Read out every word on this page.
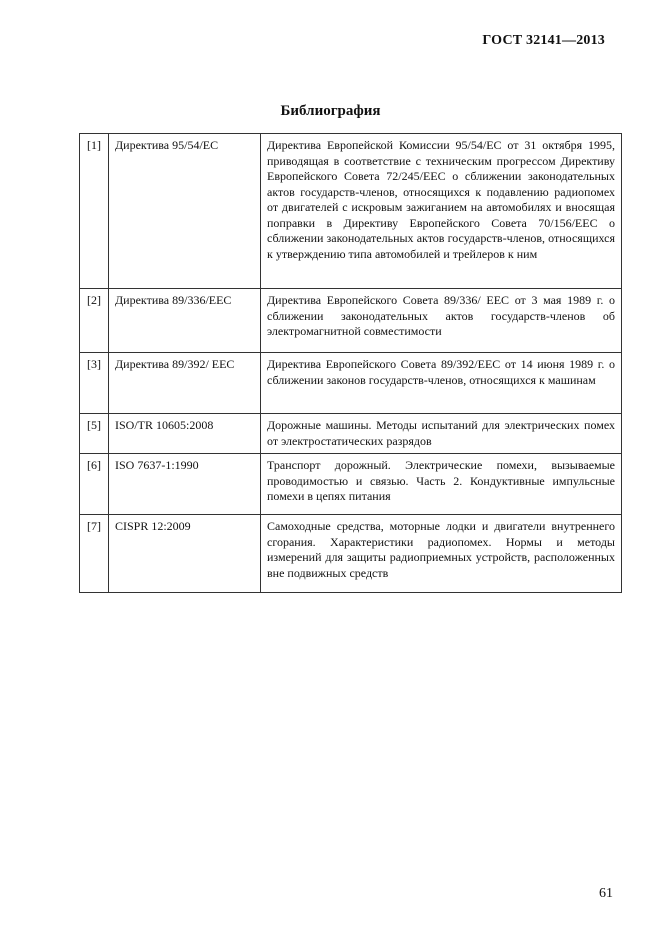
ГОСТ 32141—2013
Библиография
[1]	Директива 95/54/ЕС	Директива Европейской Комиссии 95/54/ЕС от 31 октября 1995, приводящая в соответствие с техническим прогрессом Директиву Европейского Совета 72/245/ЕЕС о сближении законодательных актов государств-членов, относящихся к подавлению радиопомех от двигателей с искровым зажиганием на автомобилях и вносящая поправки в Директиву Европейского Совета 70/156/ЕЕС о сближении законодательных актов государств-членов, относящихся к утверждению типа автомобилей и трейлеров к ним
[2]	Директива 89/336/ЕЕС	Директива Европейского Совета 89/336/ ЕЕС от 3 мая 1989 г. о сближении законодательных актов государств-членов об электромагнитной совместимости
[3]	Директива 89/392/ ЕЕС	Директива Европейского Совета 89/392/ЕЕС от 14 июня 1989 г. о сближении законов государств-членов, относящихся к машинам
[5]	ISO/TR 10605:2008	Дорожные машины. Методы испытаний для электрических помех от электростатических разрядов
[6]	ISO 7637-1:1990	Транспорт дорожный. Электрические помехи, вызываемые проводимостью и связью. Часть 2. Кондуктивные импульсные помехи в цепях питания
[7]	CISPR 12:2009	Самоходные средства, моторные лодки и двигатели внутреннего сгорания. Характеристики радиопомех. Нормы и методы измерений для защиты радиоприемных устройств, расположенных вне подвижных средств
61
